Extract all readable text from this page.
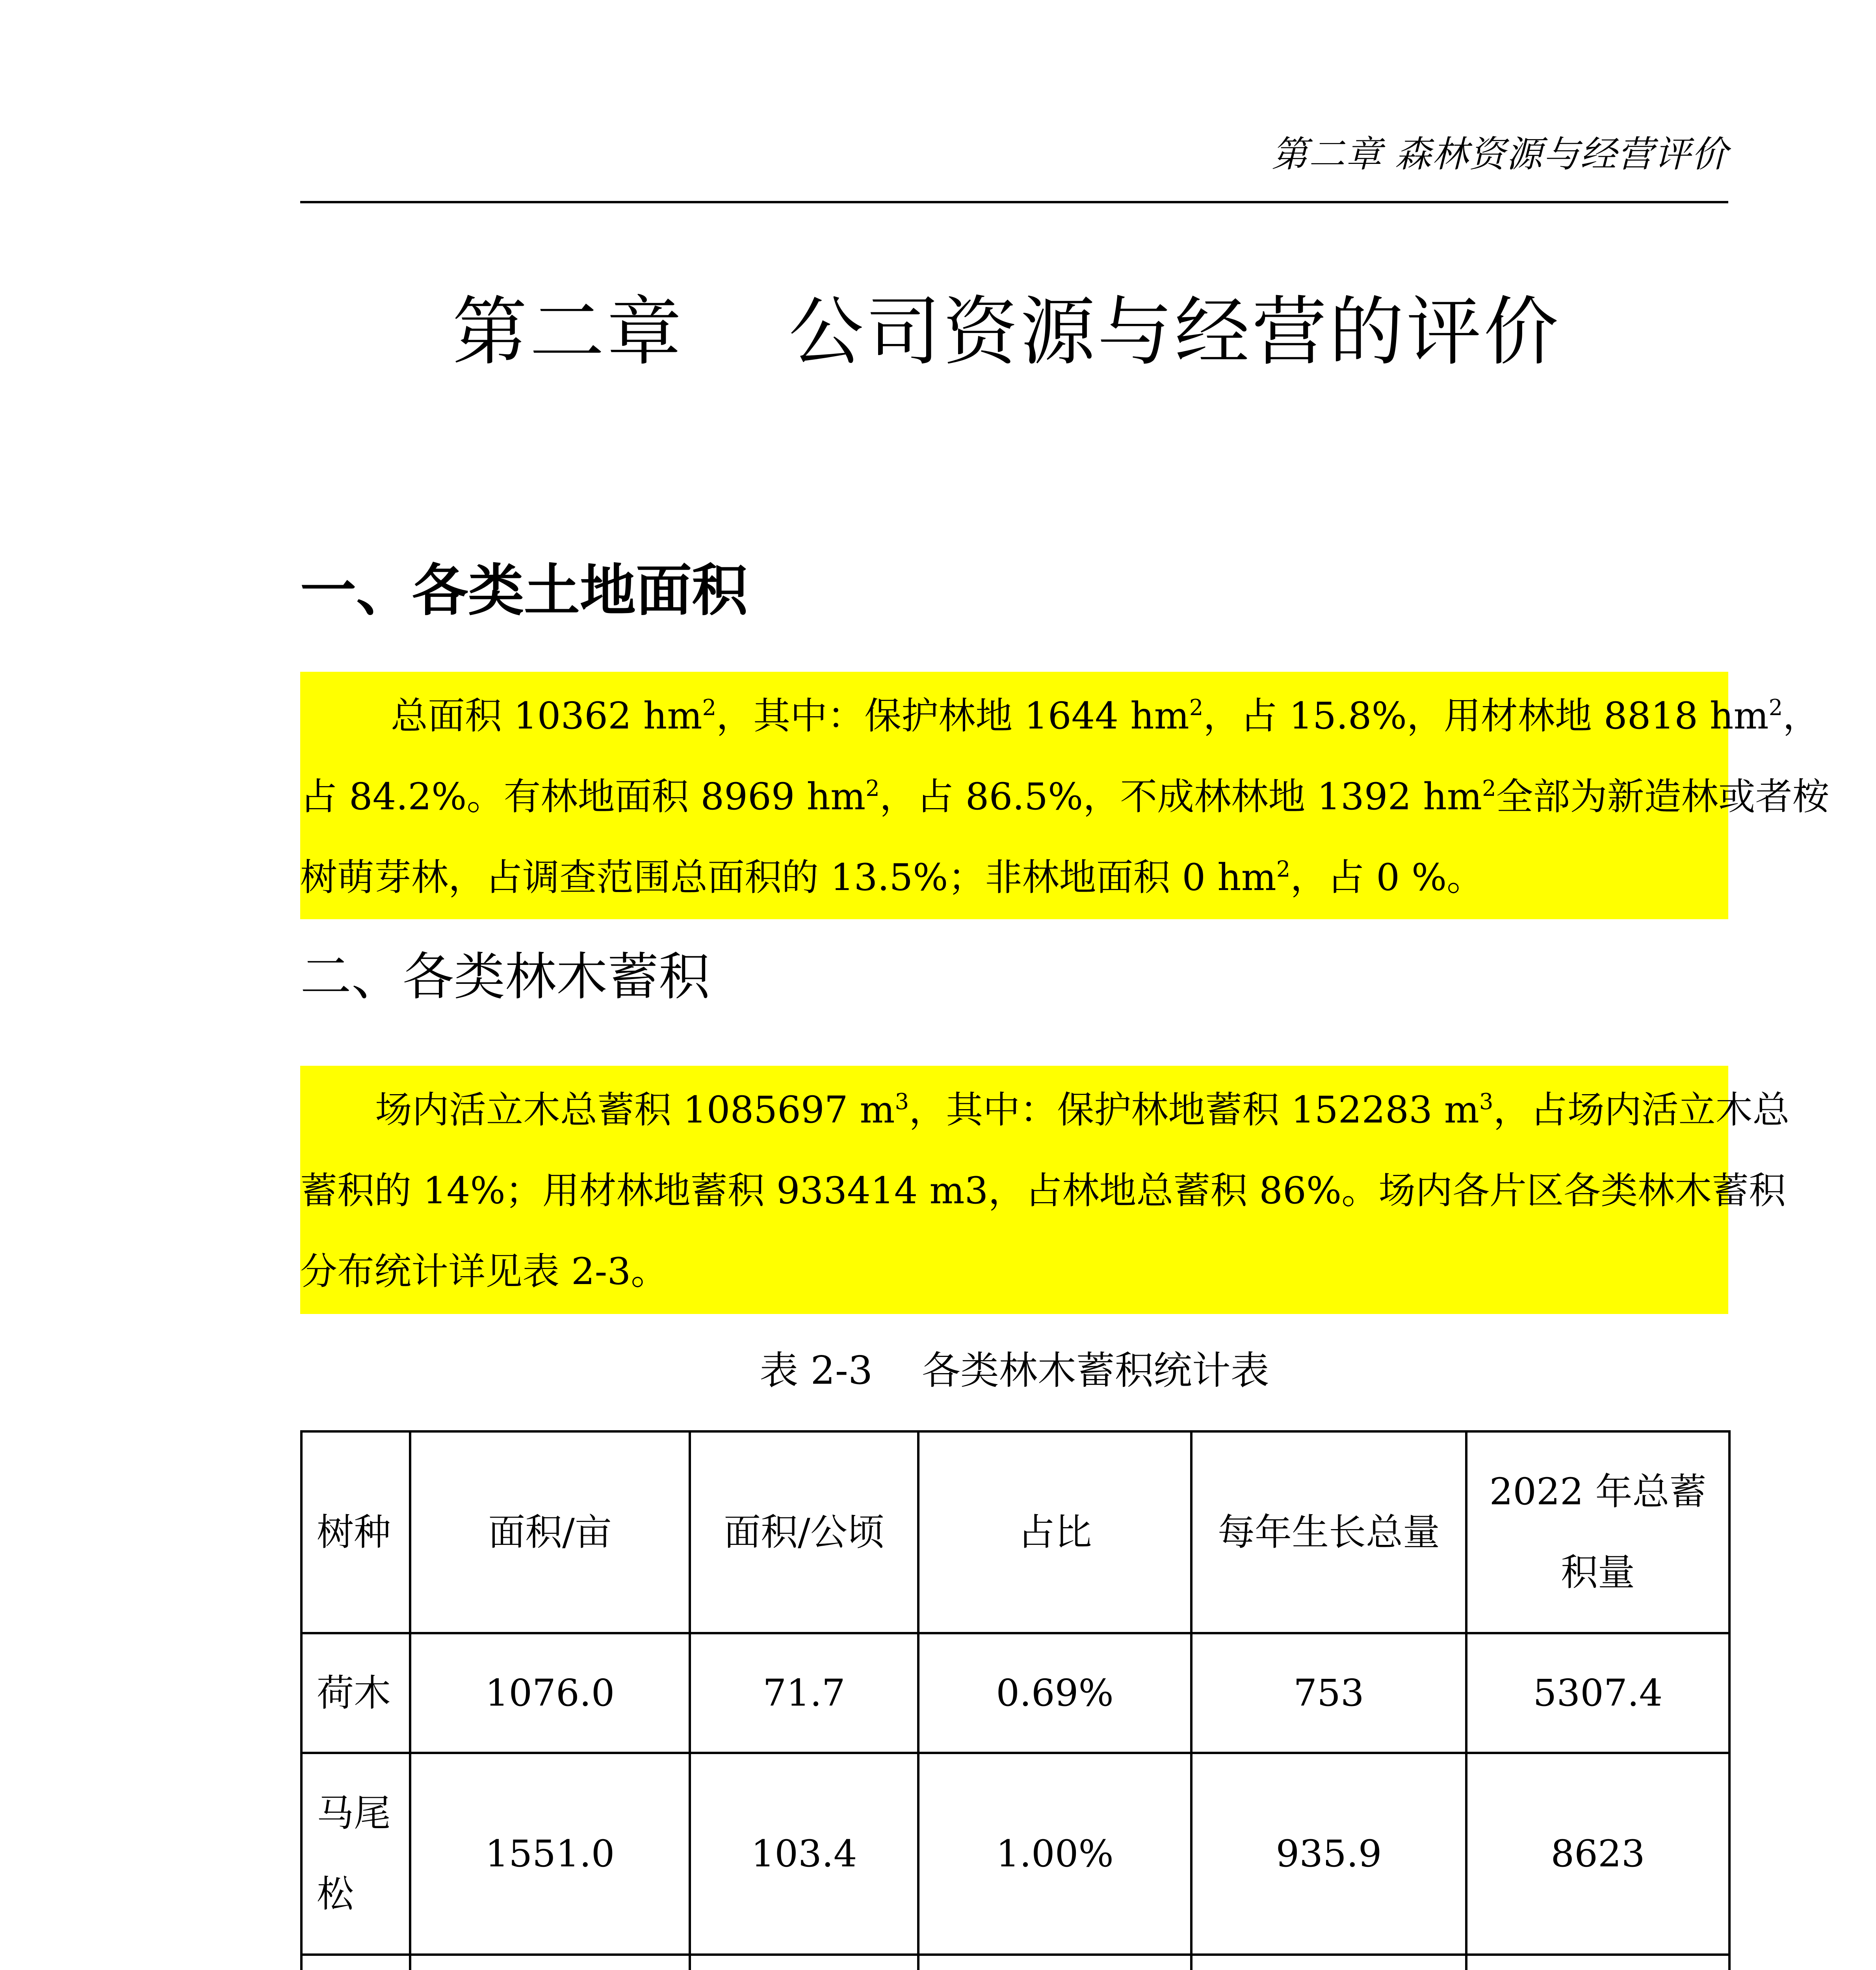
第二章 森林资源与经营评价
第二章    公司资源与经营的评价
一、各类土地面积
总面积 10362 $hm^2$，其中：保护林地 1644 $hm^2$，占 15.8%，用材林地 8818 $hm^2$，
占 84.2%。有林地面积 8969 $hm^2$，占 86.5%，不成林林地 1392 $hm^2$全部为新造林或者桉
树萌芽林，占调查范围总面积的 13.5%；非林地面积 0 $hm^2$，占 0 %。
二、各类林木蓄积
场内活立木总蓄积 1085697 $m^3$，其中：保护林地蓄积 152283 $m^3$，占场内活立木总
蓄积的 14%；用材林地蓄积 933414 m3，占林地总蓄积 86%。场内各片区各类林木蓄积
分布统计详见表 2-3。
表 2-3    各类林木蓄积统计表
树种	面积/亩	面积/公顷	占比	每年生长总量	2022 年总蓄
积量

荷木	1076.0	71.7	0.69%	753	5307.4

马尾
松	1551.0	103.4	1.00%	935.9	8623
